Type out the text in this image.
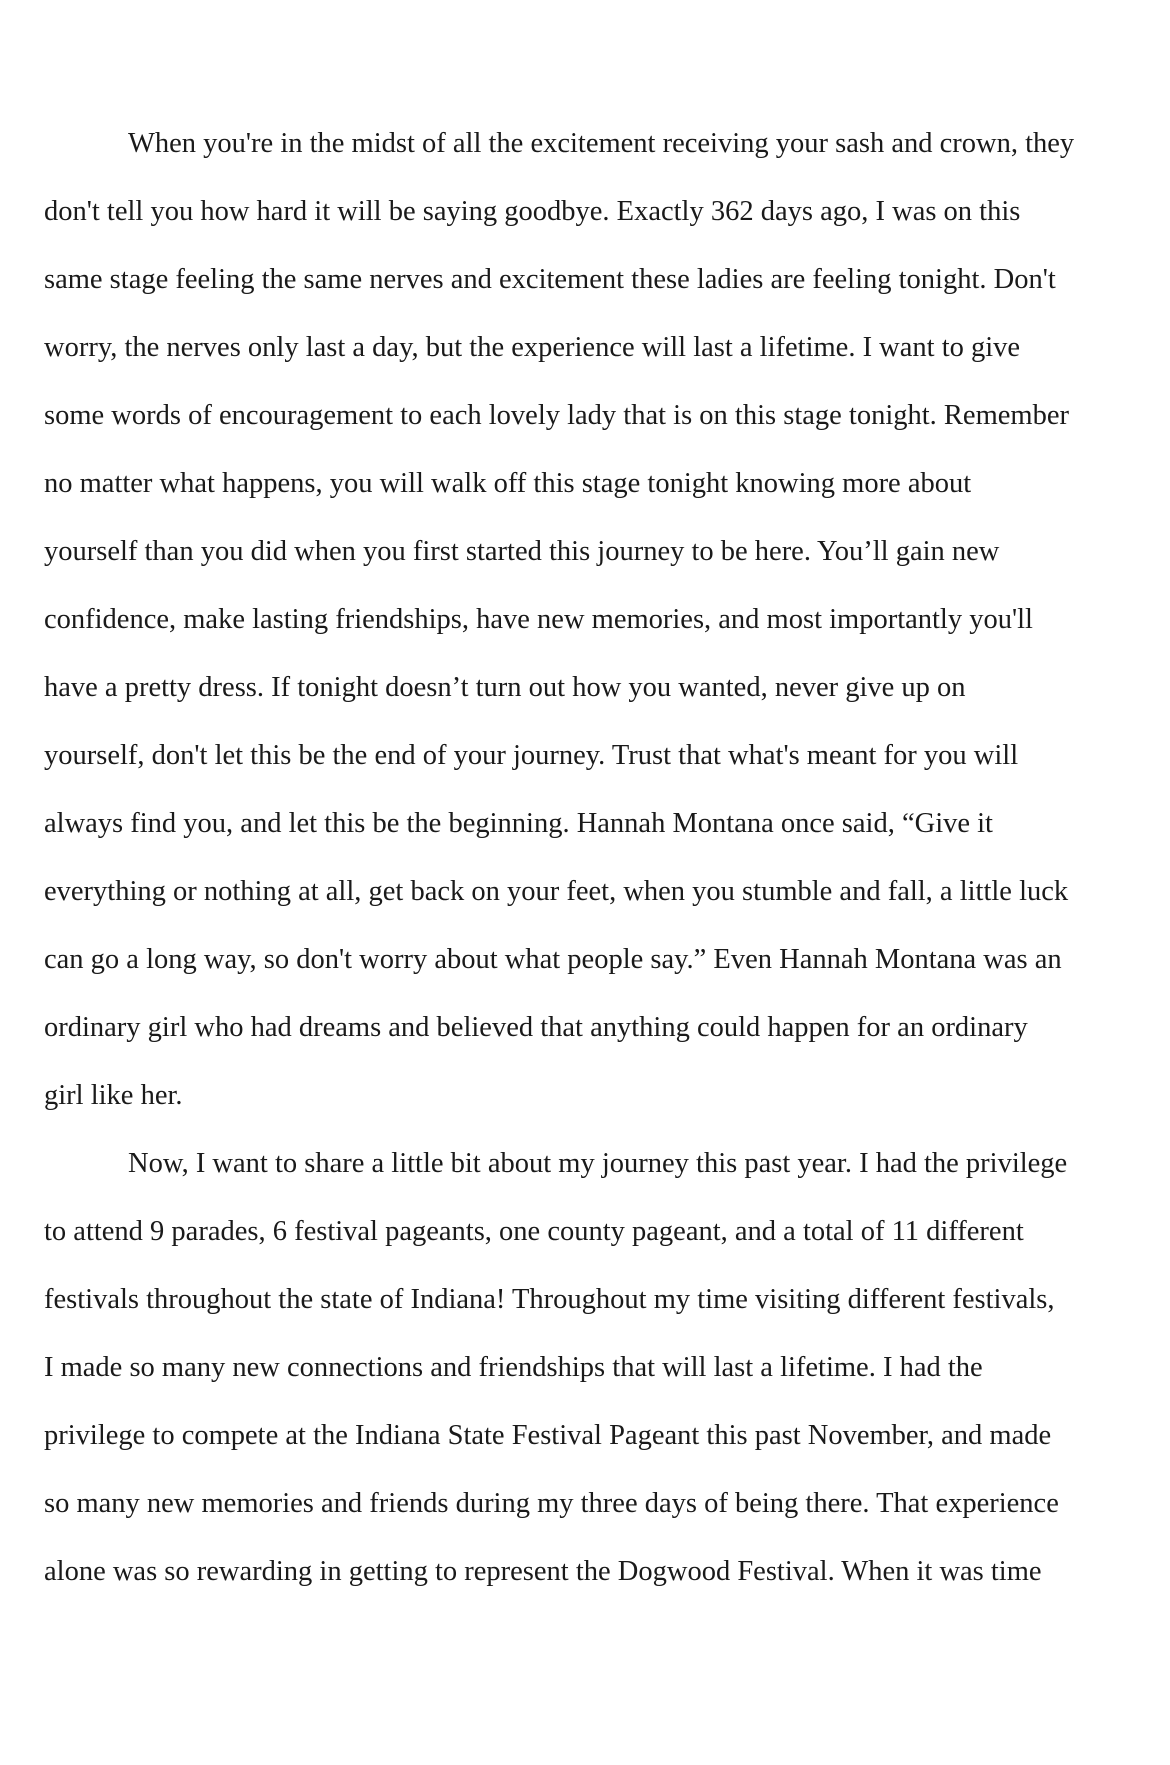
When you're in the midst of all the excitement receiving your sash and crown, they
don't tell you how hard it will be saying goodbye. Exactly 362 days ago, I was on this
same stage feeling the same nerves and excitement these ladies are feeling tonight. Don't
worry, the nerves only last a day, but the experience will last a lifetime. I want to give
some words of encouragement to each lovely lady that is on this stage tonight. Remember
no matter what happens, you will walk off this stage tonight knowing more about
yourself than you did when you first started this journey to be here. You’ll gain new
confidence, make lasting friendships, have new memories, and most importantly you'll
have a pretty dress. If tonight doesn’t turn out how you wanted, never give up on
yourself, don't let this be the end of your journey. Trust that what's meant for you will
always find you, and let this be the beginning. Hannah Montana once said, “Give it
everything or nothing at all, get back on your feet, when you stumble and fall, a little luck
can go a long way, so don't worry about what people say.” Even Hannah Montana was an
ordinary girl who had dreams and believed that anything could happen for an ordinary
girl like her.
Now, I want to share a little bit about my journey this past year. I had the privilege
to attend 9 parades, 6 festival pageants, one county pageant, and a total of 11 different
festivals throughout the state of Indiana! Throughout my time visiting different festivals,
I made so many new connections and friendships that will last a lifetime. I had the
privilege to compete at the Indiana State Festival Pageant this past November, and made
so many new memories and friends during my three days of being there. That experience
alone was so rewarding in getting to represent the Dogwood Festival. When it was time
